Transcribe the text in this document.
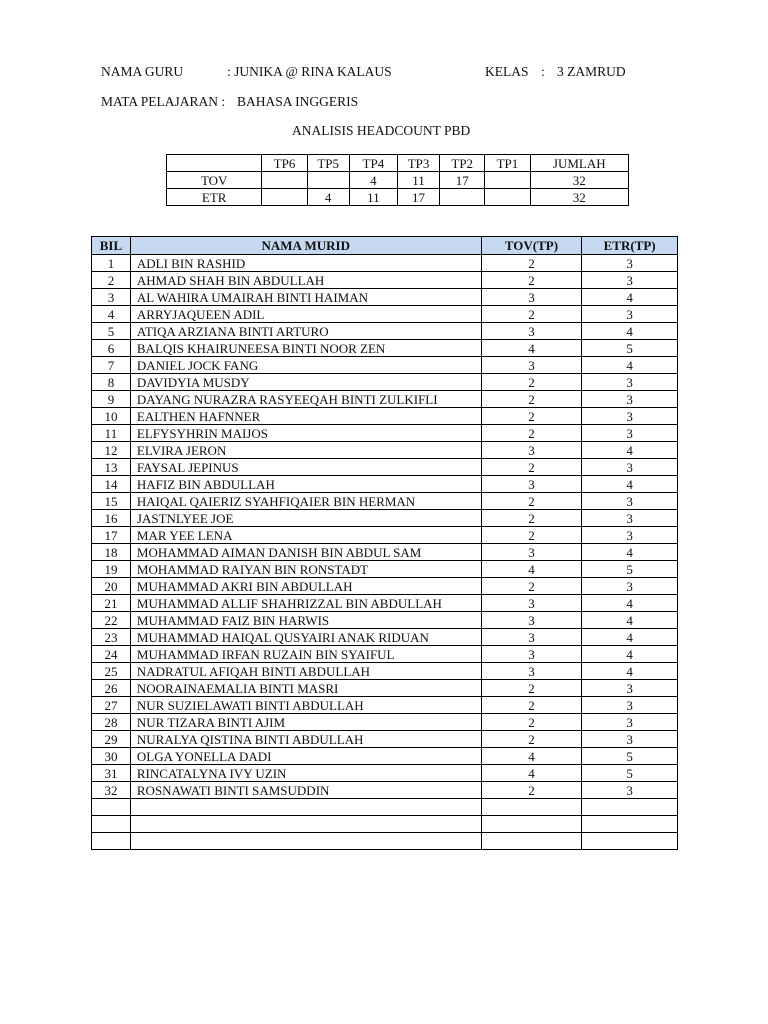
NAMA GURU	: JUNIKA @ RINA KALAUS	KELAS : 3 ZAMRUD
MATA PELAJARAN : BAHASA INGGERIS
ANALISIS HEADCOUNT PBD
	TP6	TP5	TP4	TP3	TP2	TP1	JUMLAH
TOV			4	11	17		32
ETR		4	11	17			32
BIL	NAMA MURID	TOV(TP)	ETR(TP)
1	ADLI BIN RASHID	2	3
2	AHMAD SHAH BIN ABDULLAH	2	3
3	AL WAHIRA UMAIRAH BINTI HAIMAN	3	4
4	ARRYJAQUEEN ADIL	2	3
5	ATIQA ARZIANA BINTI ARTURO	3	4
6	BALQIS KHAIRUNEESA BINTI NOOR ZEN	4	5
7	DANIEL JOCK FANG	3	4
8	DAVIDYIA MUSDY	2	3
9	DAYANG NURAZRA RASYEEQAH BINTI ZULKIFLI	2	3
10	EALTHEN HAFNNER	2	3
11	ELFYSYHRIN MAIJOS	2	3
12	ELVIRA JERON	3	4
13	FAYSAL JEPINUS	2	3
14	HAFIZ BIN ABDULLAH	3	4
15	HAIQAL QAIERIZ SYAHFIQAIER BIN HERMAN	2	3
16	JASTNLYEE JOE	2	3
17	MAR YEE LENA	2	3
18	MOHAMMAD AIMAN DANISH BIN ABDUL SAM	3	4
19	MOHAMMAD RAIYAN BIN RONSTADT	4	5
20	MUHAMMAD AKRI BIN ABDULLAH	2	3
21	MUHAMMAD ALLIF SHAHRIZZAL BIN ABDULLAH	3	4
22	MUHAMMAD FAIZ BIN HARWIS	3	4
23	MUHAMMAD HAIQAL QUSYAIRI ANAK RIDUAN	3	4
24	MUHAMMAD IRFAN RUZAIN BIN SYAIFUL	3	4
25	NADRATUL AFIQAH BINTI ABDULLAH	3	4
26	NOORAINAEMALIA BINTI MASRI	2	3
27	NUR SUZIELAWATI BINTI ABDULLAH	2	3
28	NUR TIZARA BINTI AJIM	2	3
29	NURALYA QISTINA BINTI ABDULLAH	2	3
30	OLGA YONELLA DADI	4	5
31	RINCATALYNA IVY UZIN	4	5
32	ROSNAWATI BINTI SAMSUDDIN	2	3
